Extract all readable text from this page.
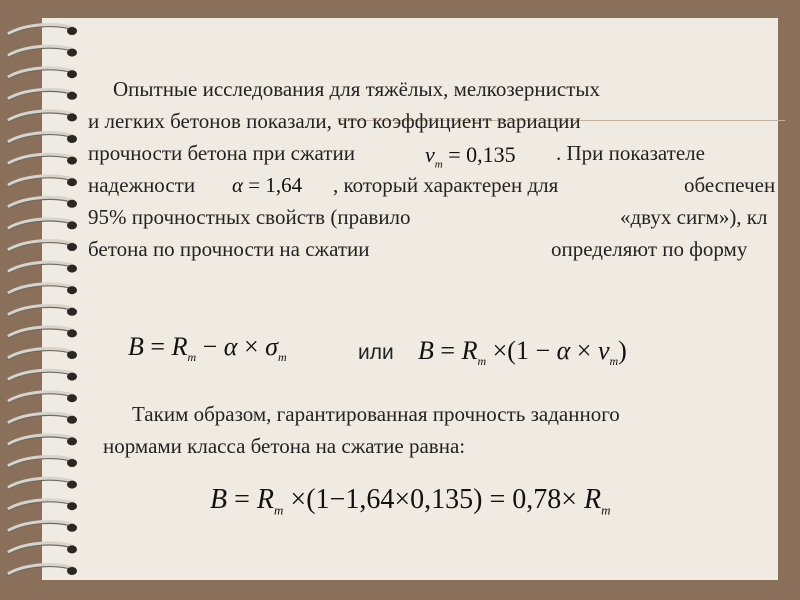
Опытные исследования для тяжёлых, мелкозернистых
и легких бетонов показали, что коэффициент вариации
прочности бетона при сжатии	$\nu_m = 0,135$ . При показателе
надежности α = 1,64 , который характерен для	обеспечен
95% прочностных свойств (правило	«двух сигм»), кл
бетона по прочности на сжатии	определяют по форму
$B = R_m - \alpha \times \sigma_m$	или $B = R_m \times(1 - \alpha \times \nu_m)$
Таким образом, гарантированная прочность заданного
нормами класса бетона на сжатие равна:
$B = R_m \times(1-1,64\times 0,135) = 0,78\times R_m$
